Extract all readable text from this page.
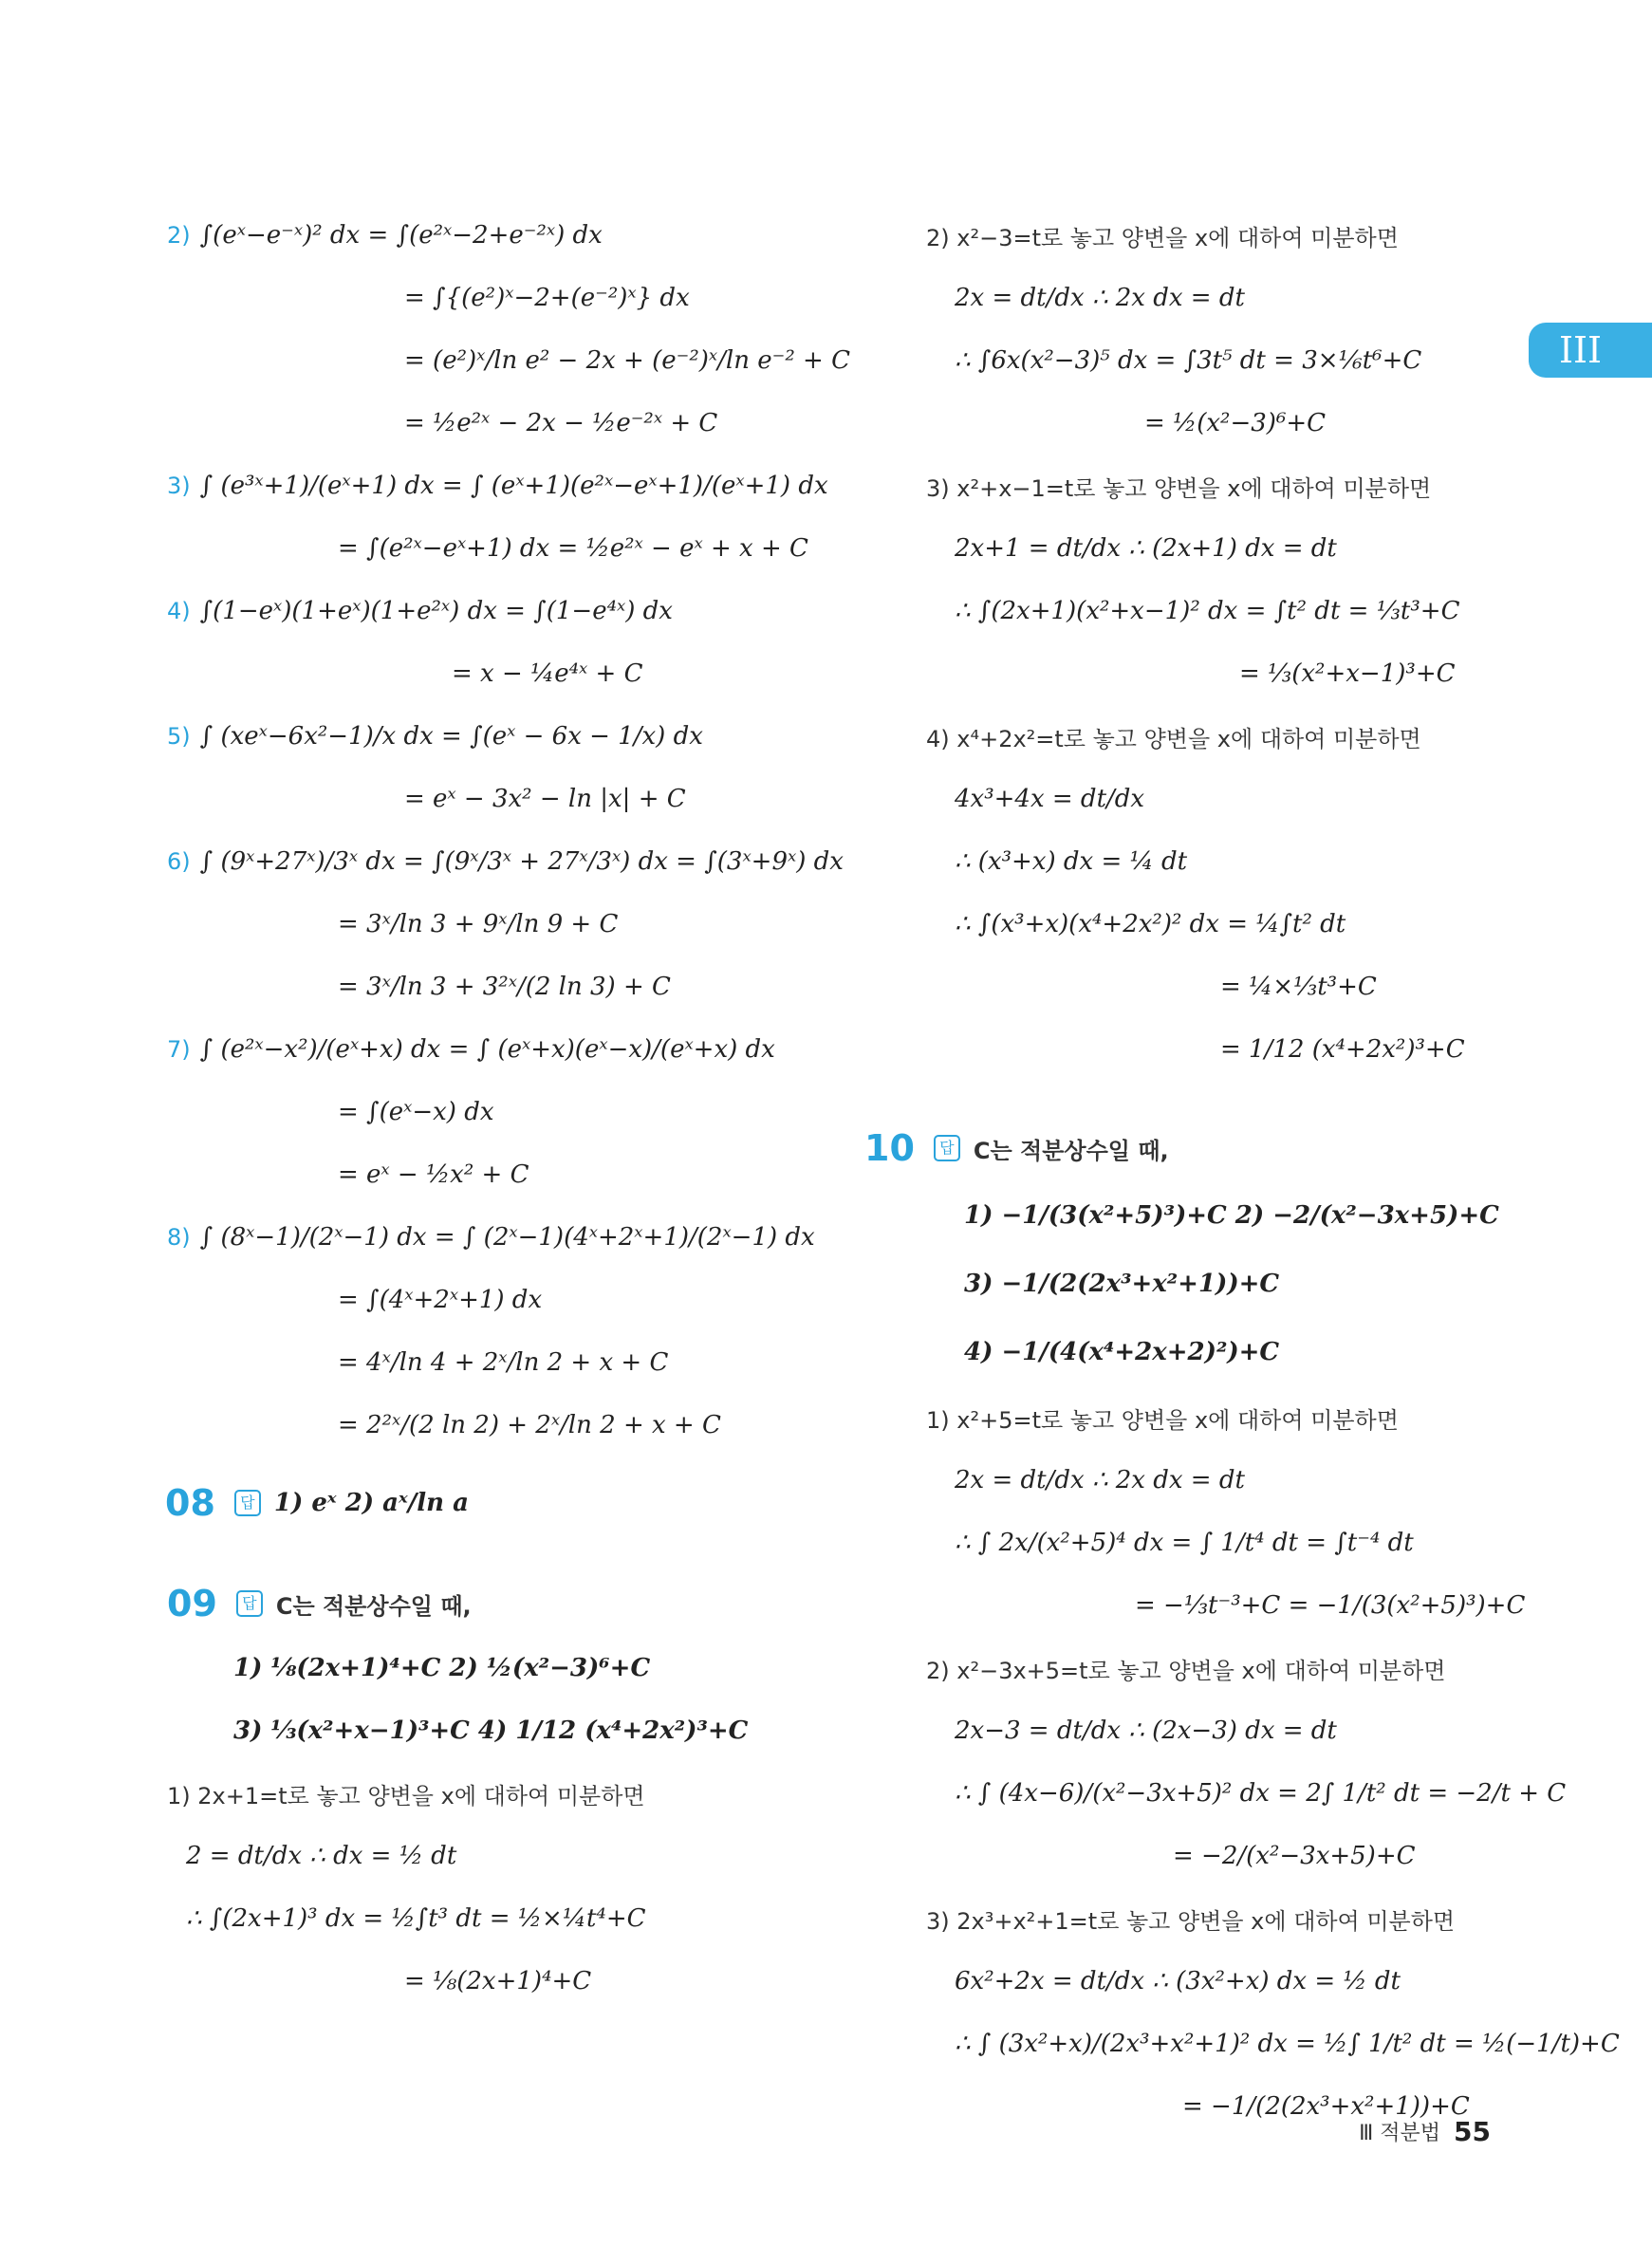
III
2) ∫(eˣ−e⁻ˣ)² dx = ∫(e²ˣ−2+e⁻²ˣ) dx
= ∫{(e²)ˣ−2+(e⁻²)ˣ} dx
= (e²)ˣ/ln e² − 2x + (e⁻²)ˣ/ln e⁻² + C
= ½e²ˣ − 2x − ½e⁻²ˣ + C
3) ∫ (e³ˣ+1)/(eˣ+1) dx = ∫ (eˣ+1)(e²ˣ−eˣ+1)/(eˣ+1) dx
= ∫(e²ˣ−eˣ+1) dx = ½e²ˣ − eˣ + x + C
4) ∫(1−eˣ)(1+eˣ)(1+e²ˣ) dx = ∫(1−e⁴ˣ) dx
= x − ¼e⁴ˣ + C
5) ∫ (xeˣ−6x²−1)/x dx = ∫(eˣ − 6x − 1/x) dx
= eˣ − 3x² − ln |x| + C
6) ∫ (9ˣ+27ˣ)/3ˣ dx = ∫(9ˣ/3ˣ + 27ˣ/3ˣ) dx = ∫(3ˣ+9ˣ) dx
= 3ˣ/ln 3 + 9ˣ/ln 9 + C
= 3ˣ/ln 3 + 3²ˣ/(2 ln 3) + C
7) ∫ (e²ˣ−x²)/(eˣ+x) dx = ∫ (eˣ+x)(eˣ−x)/(eˣ+x) dx
= ∫(eˣ−x) dx
= eˣ − ½x² + C
8) ∫ (8ˣ−1)/(2ˣ−1) dx = ∫ (2ˣ−1)(4ˣ+2ˣ+1)/(2ˣ−1) dx
= ∫(4ˣ+2ˣ+1) dx
= 4ˣ/ln 4 + 2ˣ/ln 2 + x + C
= 2²ˣ/(2 ln 2) + 2ˣ/ln 2 + x + C
08	답 1) eˣ 2) aˣ/ln a
09	답 C는 적분상수일 때,
1) ⅛(2x+1)⁴+C 2) ½(x²−3)⁶+C
3) ⅓(x²+x−1)³+C 4) 1/12 (x⁴+2x²)³+C
1) 2x+1=t로 놓고 양변을 x에 대하여 미분하면
2 = dt/dx ∴ dx = ½ dt
∴ ∫(2x+1)³ dx = ½∫t³ dt = ½×¼t⁴+C
= ⅛(2x+1)⁴+C
2) x²−3=t로 놓고 양변을 x에 대하여 미분하면
2x = dt/dx ∴ 2x dx = dt
∴ ∫6x(x²−3)⁵ dx = ∫3t⁵ dt = 3×⅙t⁶+C
= ½(x²−3)⁶+C
3) x²+x−1=t로 놓고 양변을 x에 대하여 미분하면
2x+1 = dt/dx ∴ (2x+1) dx = dt
∴ ∫(2x+1)(x²+x−1)² dx = ∫t² dt = ⅓t³+C
= ⅓(x²+x−1)³+C
4) x⁴+2x²=t로 놓고 양변을 x에 대하여 미분하면
4x³+4x = dt/dx
∴ (x³+x) dx = ¼ dt
∴ ∫(x³+x)(x⁴+2x²)² dx = ¼∫t² dt
= ¼×⅓t³+C
= 1/12 (x⁴+2x²)³+C
10	답 C는 적분상수일 때,
1) −1/(3(x²+5)³)+C 2) −2/(x²−3x+5)+C
3) −1/(2(2x³+x²+1))+C
4) −1/(4(x⁴+2x+2)²)+C
1) x²+5=t로 놓고 양변을 x에 대하여 미분하면
2x = dt/dx ∴ 2x dx = dt
∴ ∫ 2x/(x²+5)⁴ dx = ∫ 1/t⁴ dt = ∫t⁻⁴ dt
= −⅓t⁻³+C = −1/(3(x²+5)³)+C
2) x²−3x+5=t로 놓고 양변을 x에 대하여 미분하면
2x−3 = dt/dx ∴ (2x−3) dx = dt
∴ ∫ (4x−6)/(x²−3x+5)² dx = 2∫ 1/t² dt = −2/t + C
= −2/(x²−3x+5)+C
3) 2x³+x²+1=t로 놓고 양변을 x에 대하여 미분하면
6x²+2x = dt/dx ∴ (3x²+x) dx = ½ dt
∴ ∫ (3x²+x)/(2x³+x²+1)² dx = ½∫ 1/t² dt = ½(−1/t)+C
= −1/(2(2x³+x²+1))+C
Ⅲ 적분법 55
